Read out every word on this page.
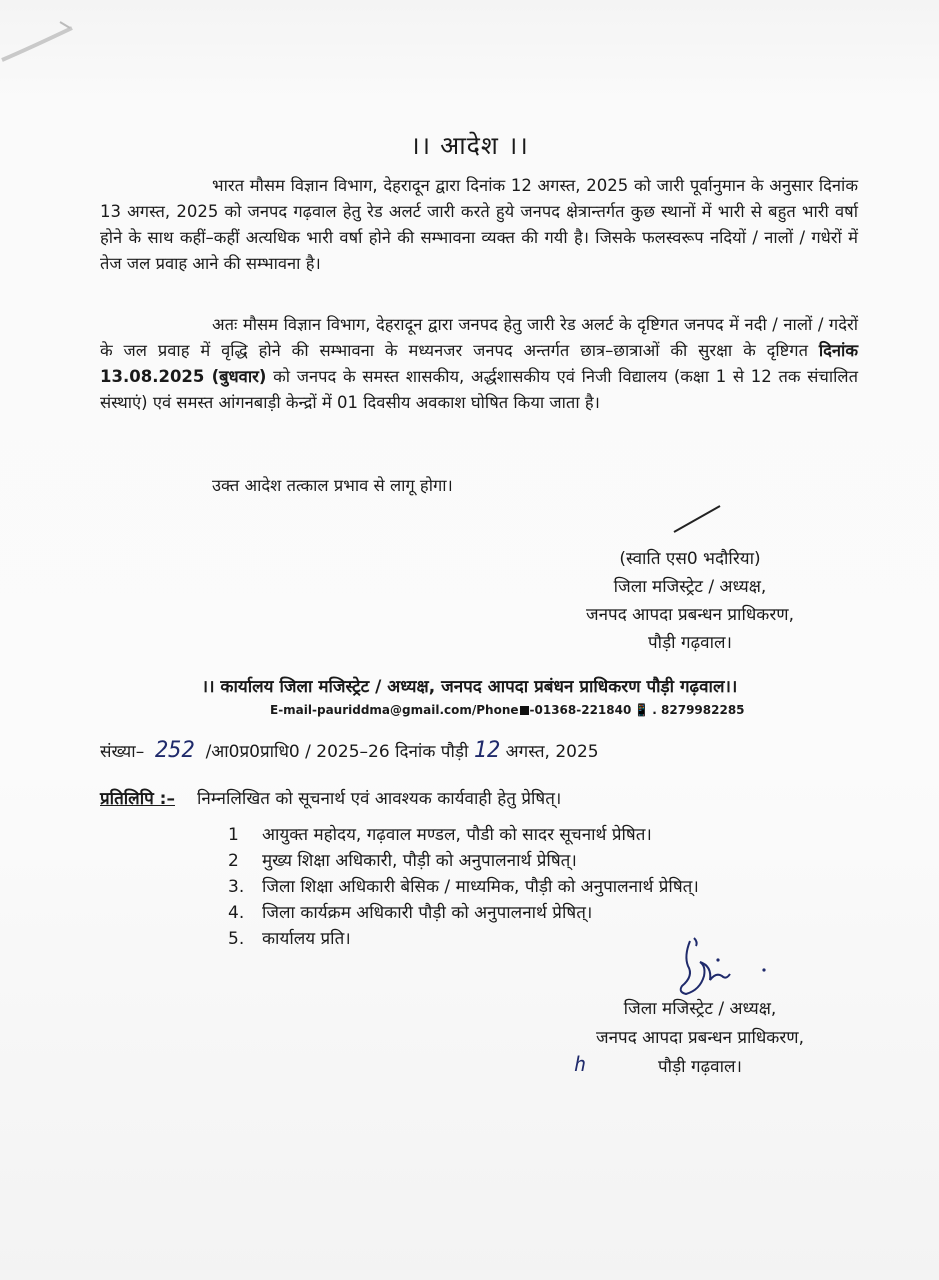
।। आदेश ।।
भारत मौसम विज्ञान विभाग, देहरादून द्वारा दिनांक 12 अगस्त, 2025 को जारी पूर्वानुमान के अनुसार दिनांक 13 अगस्त, 2025 को जनपद गढ़वाल हेतु रेड अलर्ट जारी करते हुये जनपद क्षेत्रान्तर्गत कुछ स्थानों में भारी से बहुत भारी वर्षा होने के साथ कहीं–कहीं अत्यधिक भारी वर्षा होने की सम्भावना व्यक्त की गयी है। जिसके फलस्वरूप नदियों / नालों / गधेरों में तेज जल प्रवाह आने की सम्भावना है।
अतः मौसम विज्ञान विभाग, देहरादून द्वारा जनपद हेतु जारी रेड अलर्ट के दृष्टिगत जनपद में नदी / नालों / गदेरों के जल प्रवाह में वृद्धि होने की सम्भावना के मध्यनजर जनपद अन्तर्गत छात्र–छात्राओं की सुरक्षा के दृष्टिगत दिनांक 13.08.2025 (बुधवार) को जनपद के समस्त शासकीय, अर्द्धशासकीय एवं निजी विद्यालय (कक्षा 1 से 12 तक संचालित संस्थाएं) एवं समस्त आंगनबाड़ी केन्द्रों में 01 दिवसीय अवकाश घोषित किया जाता है।
उक्त आदेश तत्काल प्रभाव से लागू होगा।
(स्वाति एस0 भदौरिया)
जिला मजिस्ट्रेट / अध्यक्ष,
जनपद आपदा प्रबन्धन प्राधिकरण,
पौड़ी गढ़वाल।
।। कार्यालय जिला मजिस्ट्रेट / अध्यक्ष, जनपद आपदा प्रबंधन प्राधिकरण पौड़ी गढ़वाल।।
E-mail-pauriddma@gmail.com/Phone -01368-221840 📱 . 8279982285
संख्या– 252 /आ0प्र0प्राधि0 / 2025–26 दिनांक पौड़ी 12 अगस्त, 2025
प्रतिलिपि :– निम्नलिखित को सूचनार्थ एवं आवश्यक कार्यवाही हेतु प्रेषित्।
1	आयुक्त महोदय, गढ़वाल मण्डल, पौडी को सादर सूचनार्थ प्रेषित।
2	मुख्य शिक्षा अधिकारी, पौड़ी को अनुपालनार्थ प्रेषित्।
3.	जिला शिक्षा अधिकारी बेसिक / माध्यमिक, पौड़ी को अनुपालनार्थ प्रेषित्।
4.	जिला कार्यक्रम अधिकारी पौड़ी को अनुपालनार्थ प्रेषित्।
5.	कार्यालय प्रति।
जिला मजिस्ट्रेट / अध्यक्ष,
जनपद आपदा प्रबन्धन प्राधिकरण,
पौड़ी गढ़वाल।
h
